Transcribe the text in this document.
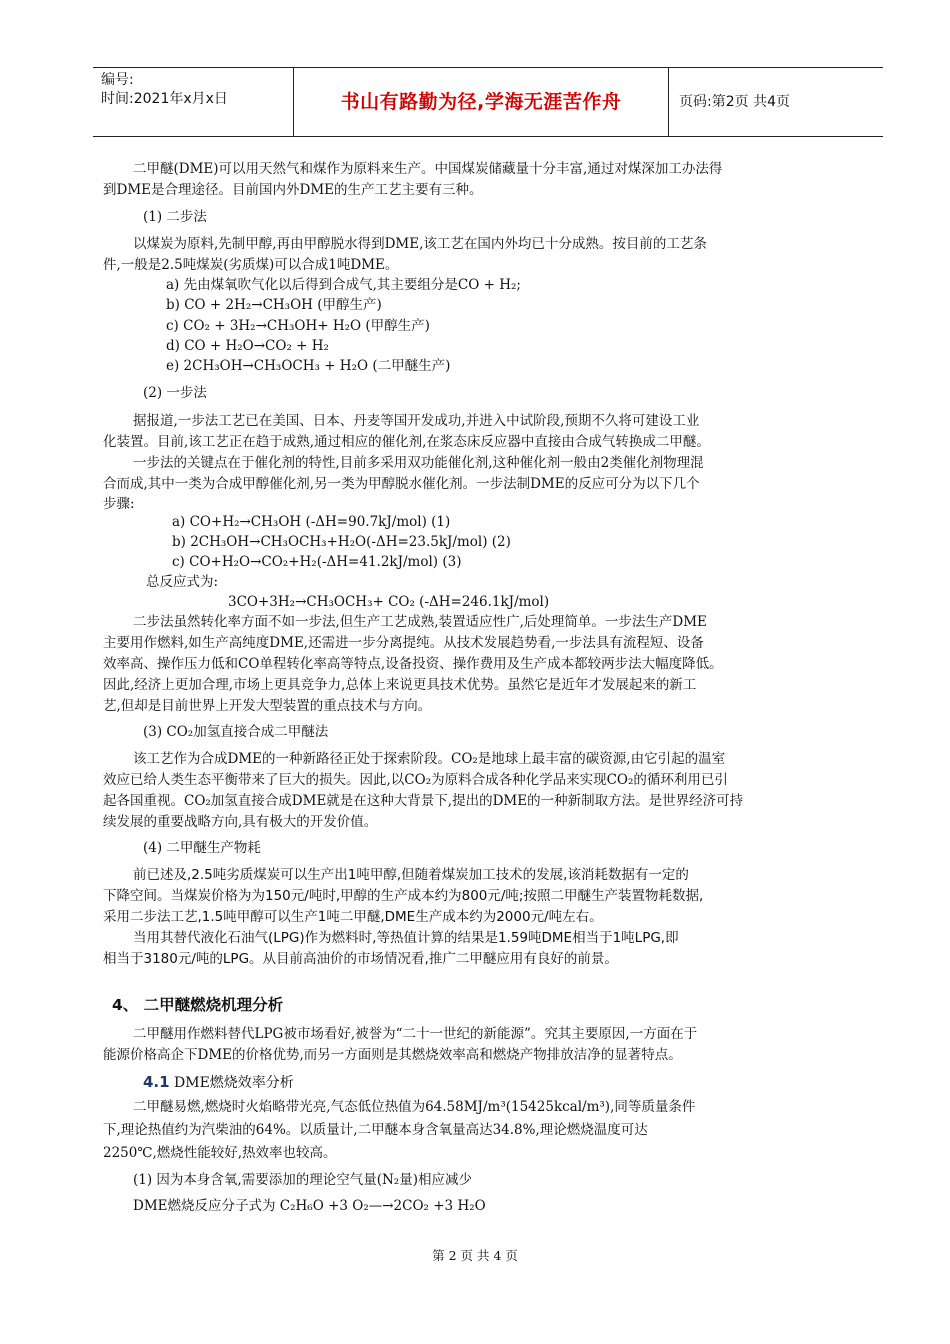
编号:
时间:2021年x月x日	书山有路勤为径,学海无涯苦作舟	页码:第2页 共4页
二甲醚(DME)可以用天然气和煤作为原料来生产。中国煤炭储藏量十分丰富,通过对煤深加工办法得
到DME是合理途径。目前国内外DME的生产工艺主要有三种。
(1) 二步法
以煤炭为原料,先制甲醇,再由甲醇脱水得到DME,该工艺在国内外均已十分成熟。按目前的工艺条
件,一般是2.5吨煤炭(劣质煤)可以合成1吨DME。
a) 先由煤氧吹气化以后得到合成气,其主要组分是CO + H₂;
b) CO + 2H₂→CH₃OH (甲醇生产)
c) CO₂ + 3H₂→CH₃OH+ H₂O (甲醇生产)
d) CO + H₂O→CO₂ + H₂
e) 2CH₃OH→CH₃OCH₃ + H₂O (二甲醚生产)
(2) 一步法
据报道,一步法工艺已在美国、日本、丹麦等国开发成功,并进入中试阶段,预期不久将可建设工业
化装置。目前,该工艺正在趋于成熟,通过相应的催化剂,在浆态床反应器中直接由合成气转换成二甲醚。
一步法的关键点在于催化剂的特性,目前多采用双功能催化剂,这种催化剂一般由2类催化剂物理混
合而成,其中一类为合成甲醇催化剂,另一类为甲醇脱水催化剂。一步法制DME的反应可分为以下几个
步骤:
a) CO+H₂→CH₃OH (-ΔH=90.7kJ/mol) (1)
b) 2CH₃OH→CH₃OCH₃+H₂O(-ΔH=23.5kJ/mol) (2)
c) CO+H₂O→CO₂+H₂(-ΔH=41.2kJ/mol) (3)
总反应式为:
3CO+3H₂→CH₃OCH₃+ CO₂ (-ΔH=246.1kJ/mol)
二步法虽然转化率方面不如一步法,但生产工艺成熟,装置适应性广,后处理简单。一步法生产DME
主要用作燃料,如生产高纯度DME,还需进一步分离提纯。从技术发展趋势看,一步法具有流程短、设备
效率高、操作压力低和CO单程转化率高等特点,设备投资、操作费用及生产成本都较两步法大幅度降低。
因此,经济上更加合理,市场上更具竞争力,总体上来说更具技术优势。虽然它是近年才发展起来的新工
艺,但却是目前世界上开发大型装置的重点技术与方向。
(3) CO₂加氢直接合成二甲醚法
该工艺作为合成DME的一种新路径正处于探索阶段。CO₂是地球上最丰富的碳资源,由它引起的温室
效应已给人类生态平衡带来了巨大的损失。因此,以CO₂为原料合成各种化学品来实现CO₂的循环利用已引
起各国重视。CO₂加氢直接合成DME就是在这种大背景下,提出的DME的一种新制取方法。是世界经济可持
续发展的重要战略方向,具有极大的开发价值。
(4) 二甲醚生产物耗
前已述及,2.5吨劣质煤炭可以生产出1吨甲醇,但随着煤炭加工技术的发展,该消耗数据有一定的
下降空间。当煤炭价格为为150元/吨时,甲醇的生产成本约为800元/吨;按照二甲醚生产装置物耗数据,
采用二步法工艺,1.5吨甲醇可以生产1吨二甲醚,DME生产成本约为2000元/吨左右。
当用其替代液化石油气(LPG)作为燃料时,等热值计算的结果是1.59吨DME相当于1吨LPG,即
相当于3180元/吨的LPG。从目前高油价的市场情况看,推广二甲醚应用有良好的前景。
4、 二甲醚燃烧机理分析
二甲醚用作燃料替代LPG被市场看好,被誉为“二十一世纪的新能源”。究其主要原因,一方面在于
能源价格高企下DME的价格优势,而另一方面则是其燃烧效率高和燃烧产物排放洁净的显著特点。
4.1 DME燃烧效率分析
二甲醚易燃,燃烧时火焰略带光亮,气态低位热值为64.58MJ/m³(15425kcal/m³),同等质量条件
下,理论热值约为汽柴油的64%。以质量计,二甲醚本身含氧量高达34.8%,理论燃烧温度可达
2250℃,燃烧性能较好,热效率也较高。
(1) 因为本身含氧,需要添加的理论空气量(N₂量)相应减少
DME燃烧反应分子式为 C₂H₆O +3 O₂—→2CO₂ +3 H₂O
第 2 页 共 4 页
